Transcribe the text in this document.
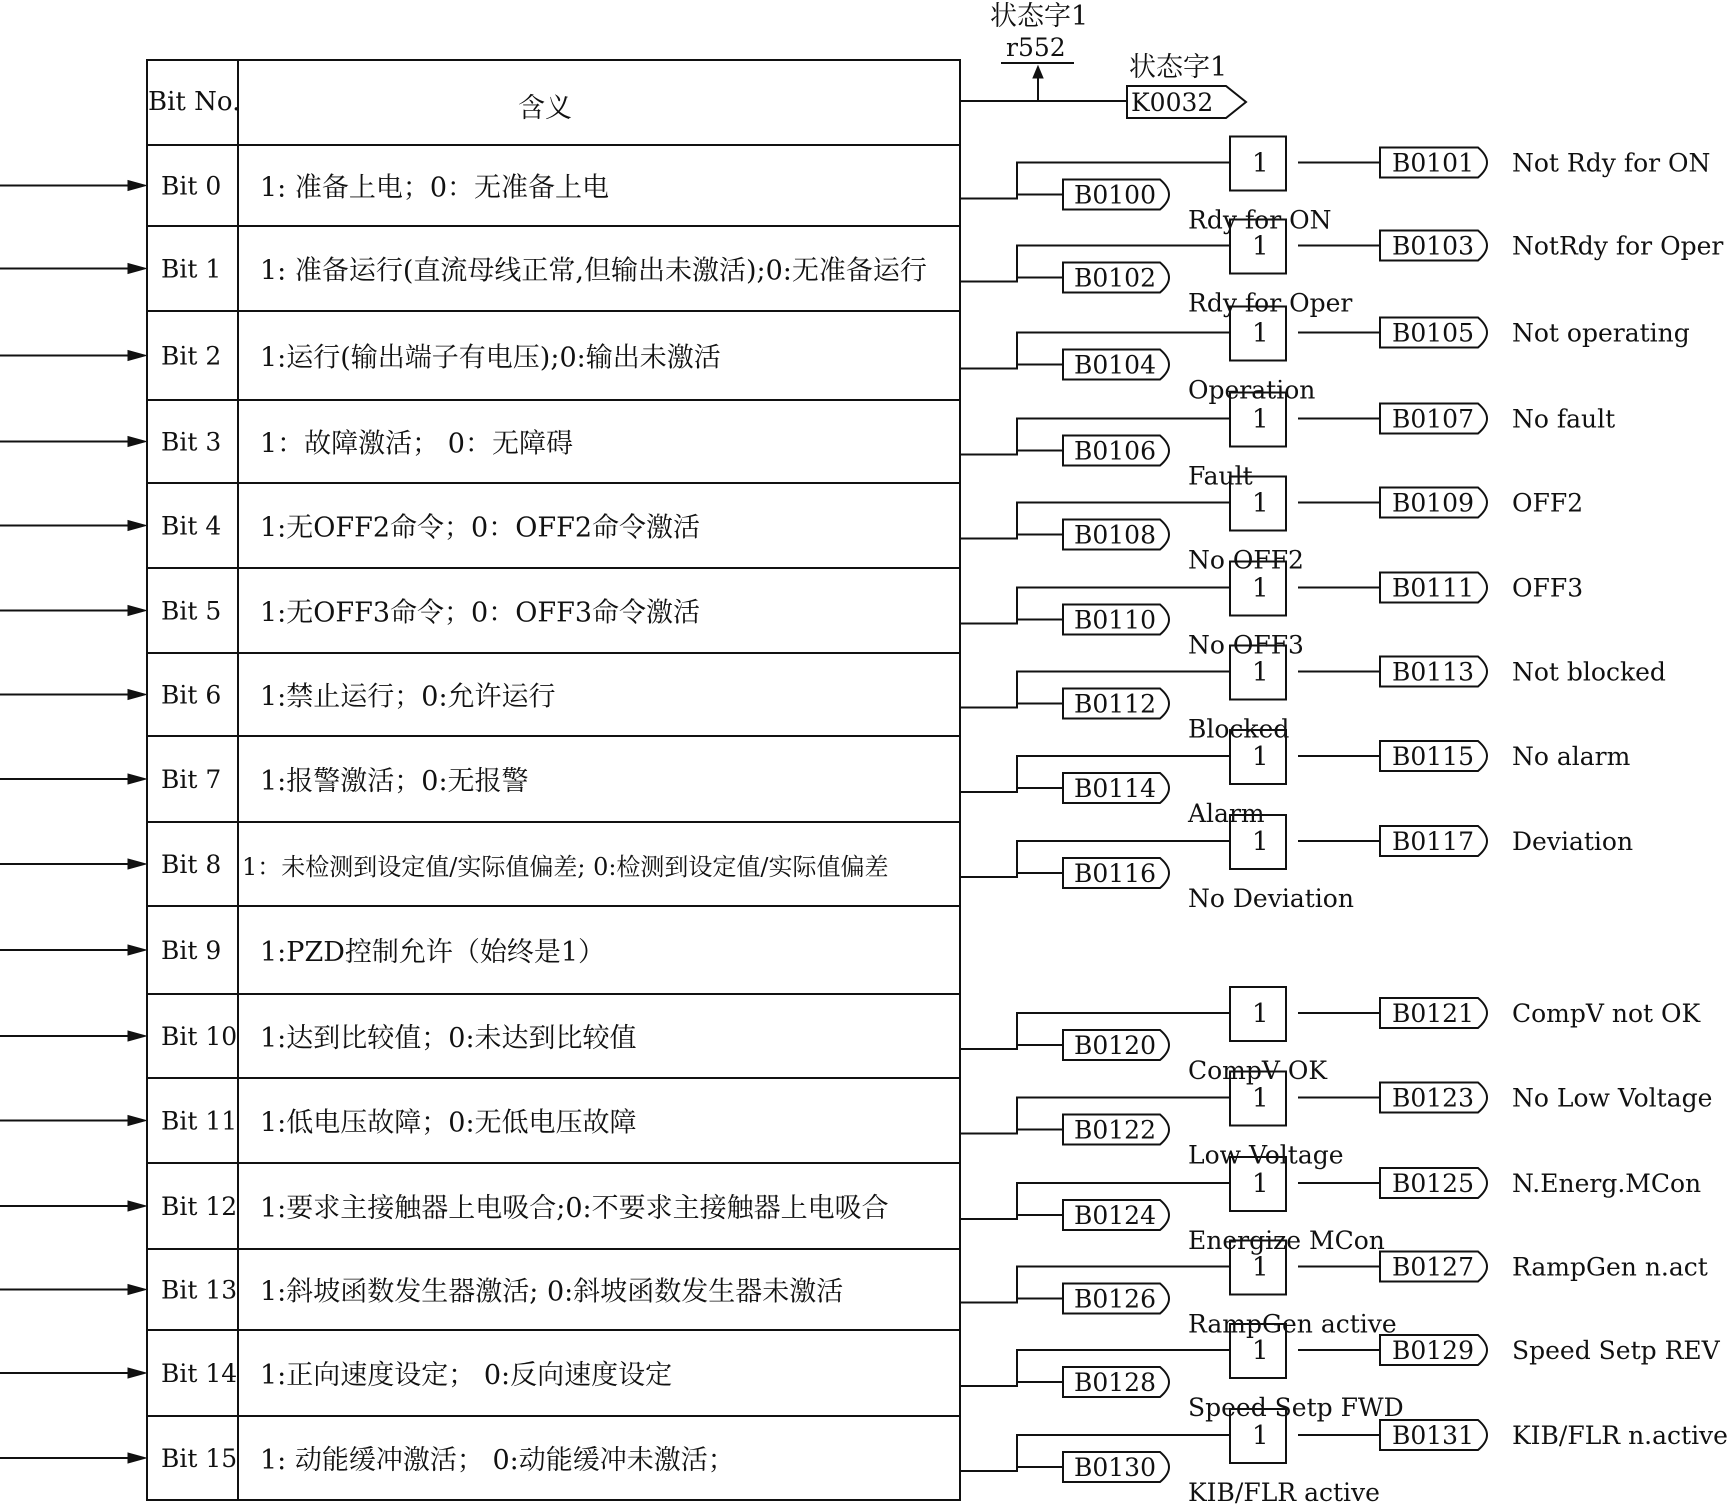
Bit No.	含义
状态字1
r552
状态字1
K0032
Bit 0 1: 准备上电；0：无准备上电	B0100
Rdy for ON
1	B0101 Not Rdy for ON
Bit 1 1: 准备运行(直流母线正常,但输出未激活);0:无准备运行	B0102
Rdy for Oper
1	B0103 NotRdy for Oper
Bit 2 1:运行(输出端子有电压);0:输出未激活	B0104
Operation
1	B0105 Not operating
Bit 3 1：故障激活； 0：无障碍	B0106
Fault
1	B0107 No fault
Bit 4 1:无OFF2命令；0：OFF2命令激活	B0108
No OFF2
1	B0109 OFF2
Bit 5 1:无OFF3命令；0：OFF3命令激活	B0110
No OFF3
1	B0111 OFF3
Bit 6 1:禁止运行；0:允许运行	B0112
Blocked
1	B0113 Not blocked
Bit 7 1:报警激活；0:无报警	B0114
Alarm
1	B0115 No alarm
Bit 8 1：未检测到设定值/实际值偏差; 0:检测到设定值/实际值偏差	B0116
No Deviation
1	B0117 Deviation
Bit 9 1:PZD控制允许（始终是1）
Bit 10 1:达到比较值；0:未达到比较值	B0120
CompV OK
1	B0121 CompV not OK
Bit 11 1:低电压故障；0:无低电压故障	B0122
Low Voltage
1	B0123 No Low Voltage
Bit 12 1:要求主接触器上电吸合;0:不要求主接触器上电吸合	B0124
Energize MCon
1	B0125 N.Energ.MCon
Bit 13 1:斜坡函数发生器激活; 0:斜坡函数发生器未激活	B0126
RampGen active
1	B0127 RampGen n.act
Bit 14 1:正向速度设定； 0:反向速度设定	B0128
Speed Setp FWD
1	B0129 Speed Setp REV
Bit 15 1: 动能缓冲激活； 0:动能缓冲未激活；	B0130
KIB/FLR active
1	B0131 KIB/FLR n.active
